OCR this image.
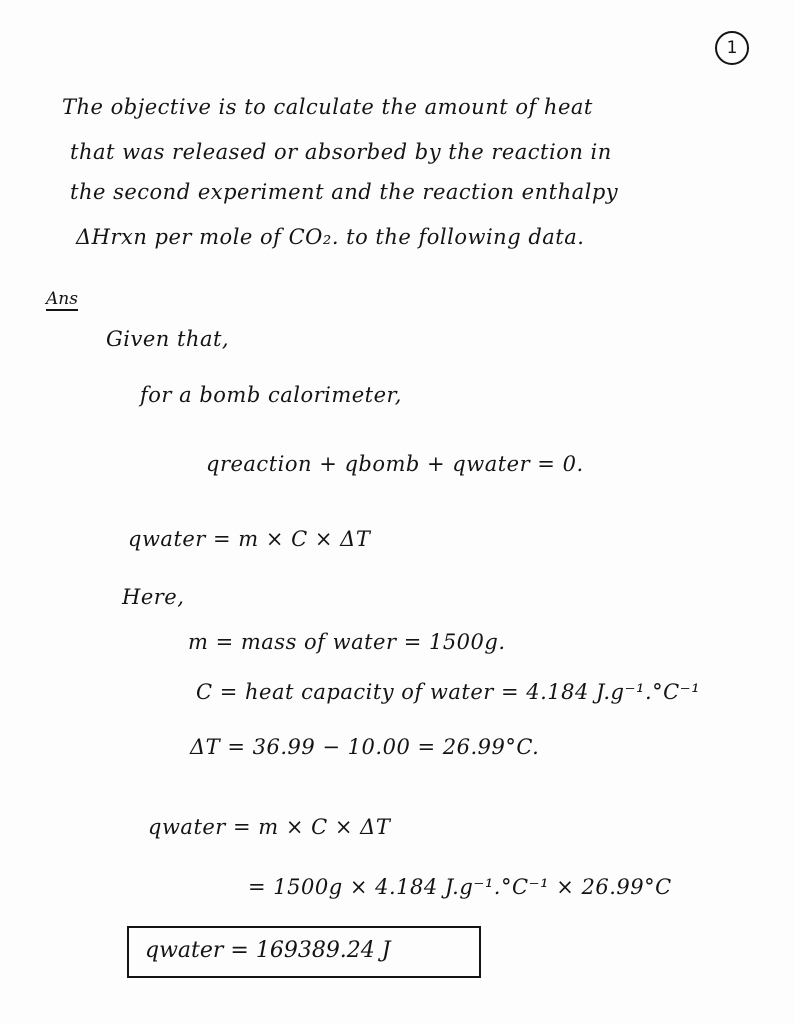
1
The objective is to calculate the amount of heat
that was released or absorbed by the reaction in
the second experiment and the reaction enthalpy
ΔHrxn per mole of CO₂. to the following data.
Ans
Given that,
for a bomb calorimeter,
qreaction + qbomb + qwater = 0.
qwater = m × C × ΔT
Here,
m = mass of water = 1500g.
C = heat capacity of water = 4.184 J.g⁻¹.°C⁻¹
ΔT = 36.99 − 10.00 = 26.99°C.
qwater = m × C × ΔT
= 1500g × 4.184 J.g⁻¹.°C⁻¹ × 26.99°C
qwater = 169389.24 J
